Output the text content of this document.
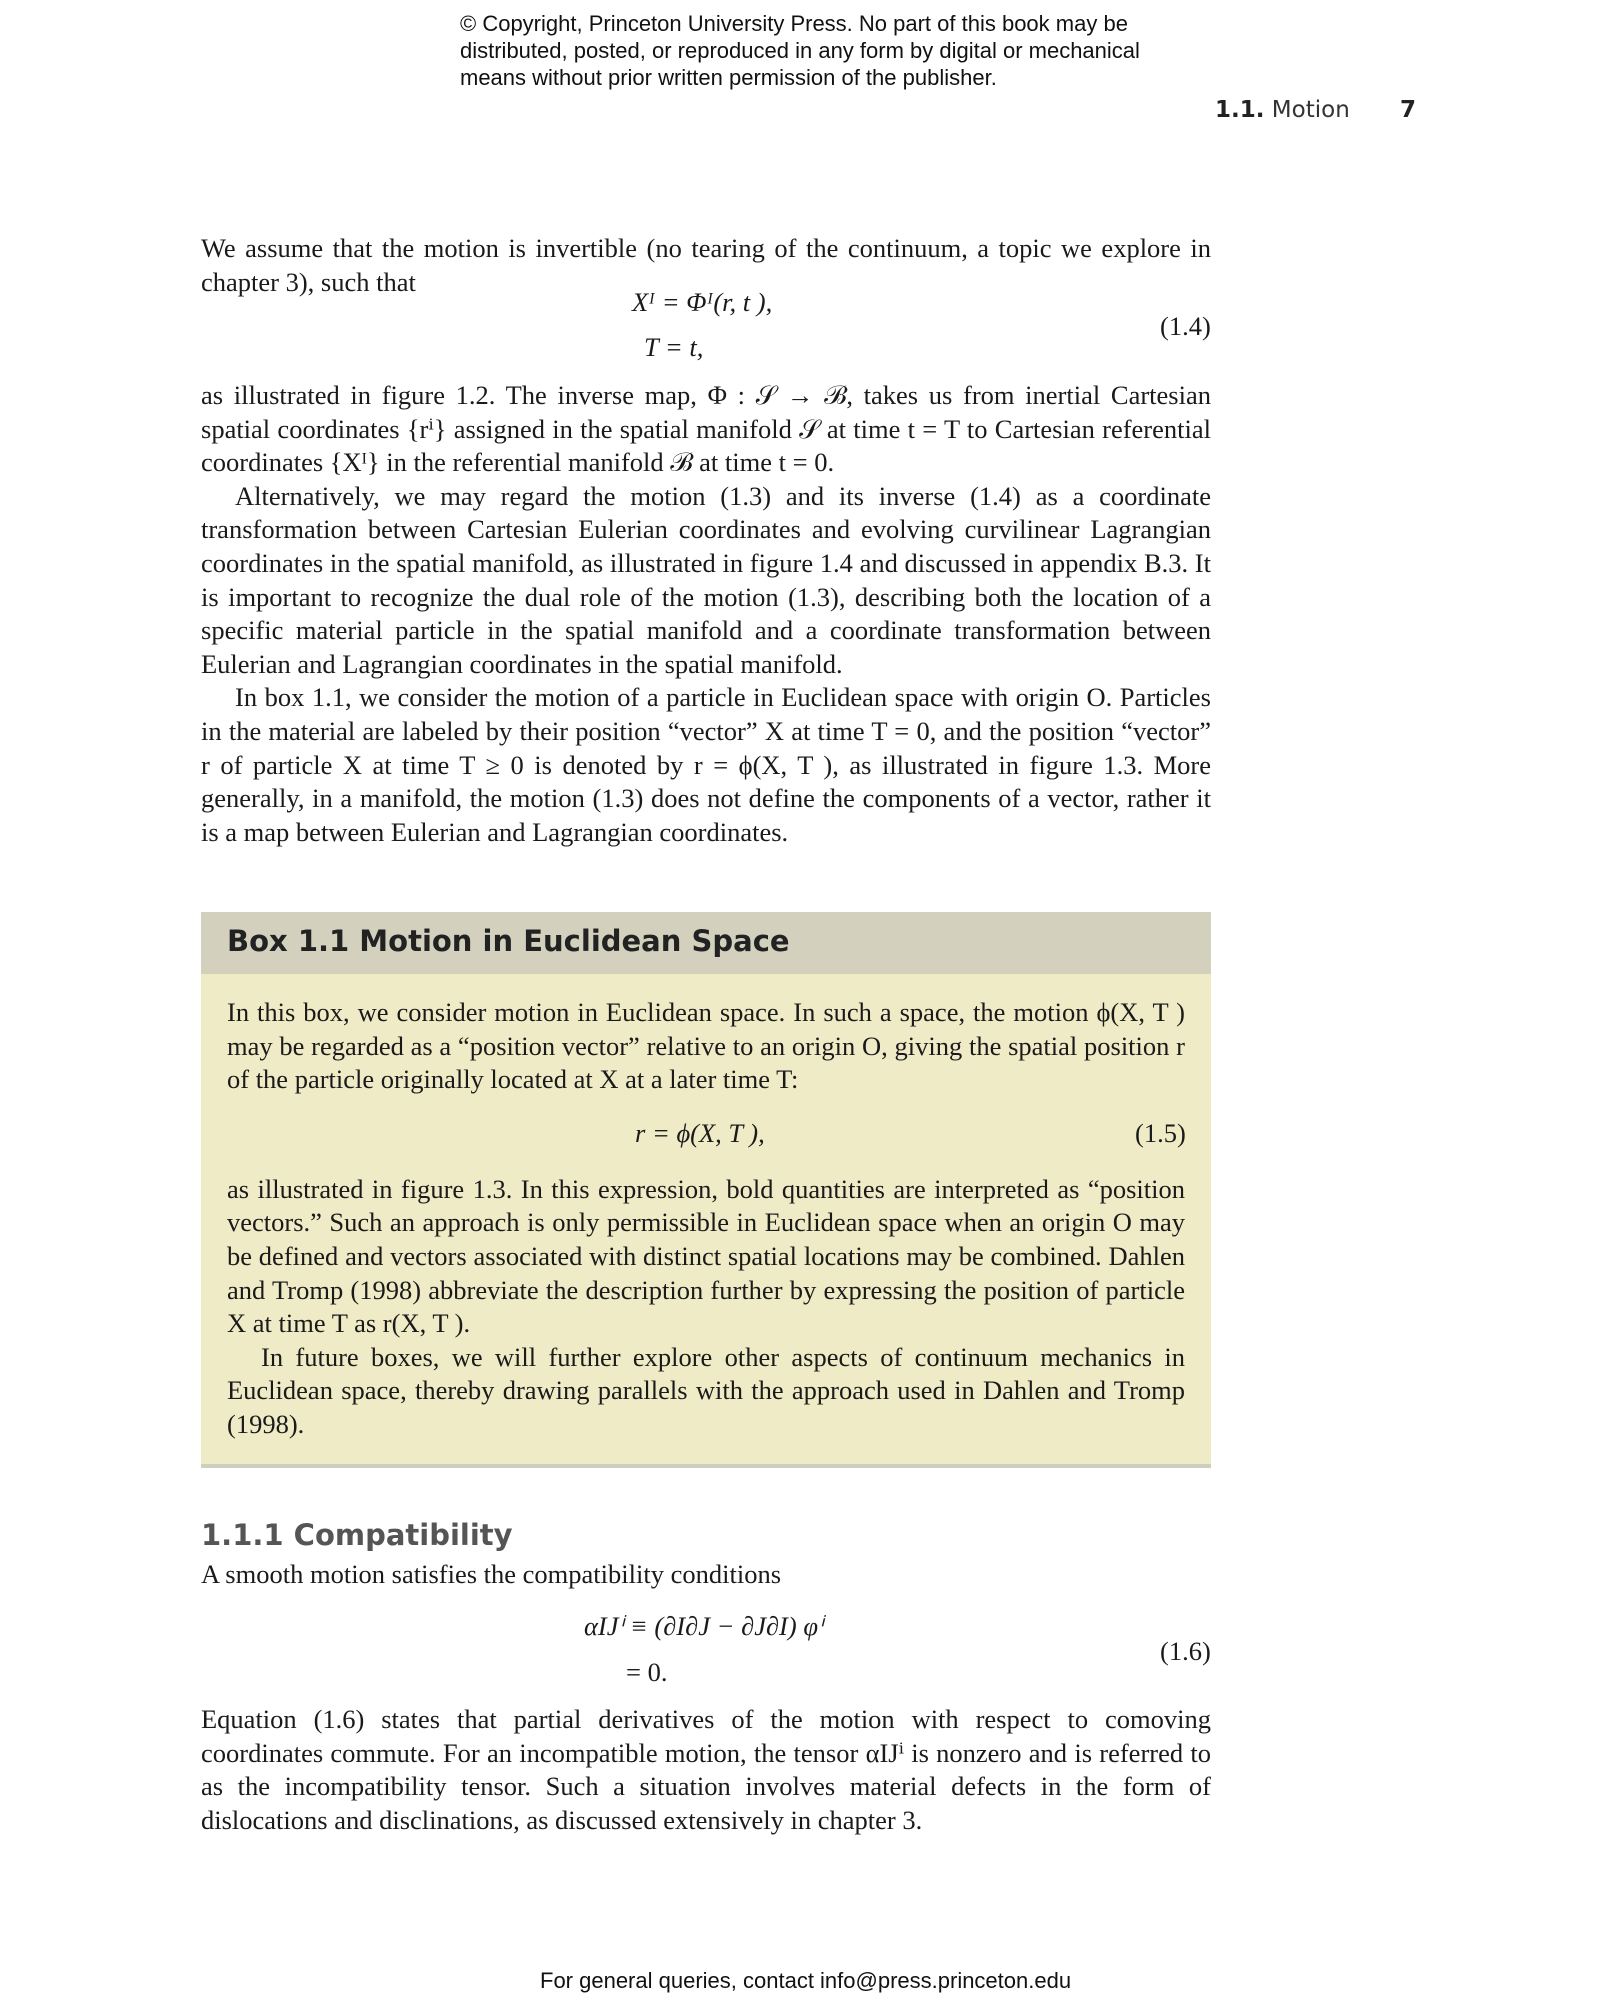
© Copyright, Princeton University Press. No part of this book may be distributed, posted, or reproduced in any form by digital or mechanical means without prior written permission of the publisher.
1.1. Motion 7

We assume that the motion is invertible (no tearing of the continuum, a topic we explore in chapter 3), such that

Xᴵ = Φᴵ(r, t ),
T = t,
(1.4)

as illustrated in figure 1.2. The inverse map, Φ : 𝒮 → ℬ, takes us from inertial Cartesian spatial coordinates {rⁱ} assigned in the spatial manifold 𝒮 at time t = T to Cartesian referential coordinates {Xᴵ} in the referential manifold ℬ at time t = 0.

Alternatively, we may regard the motion (1.3) and its inverse (1.4) as a coordinate transformation between Cartesian Eulerian coordinates and evolving curvilinear Lagrangian coordinates in the spatial manifold, as illustrated in figure 1.4 and discussed in appendix B.3. It is important to recognize the dual role of the motion (1.3), describing both the location of a specific material particle in the spatial manifold and a coordinate transformation between Eulerian and Lagrangian coordinates in the spatial manifold.

In box 1.1, we consider the motion of a particle in Euclidean space with origin O. Particles in the material are labeled by their position “vector” X at time T = 0, and the position “vector” r of particle X at time T ≥ 0 is denoted by r = ϕ(X, T ), as illustrated in figure 1.3. More generally, in a manifold, the motion (1.3) does not define the components of a vector, rather it is a map between Eulerian and Lagrangian coordinates.

Box 1.1 Motion in Euclidean Space

In this box, we consider motion in Euclidean space. In such a space, the motion ϕ(X, T ) may be regarded as a “position vector” relative to an origin O, giving the spatial position r of the particle originally located at X at a later time T:

r = ϕ(X, T ),	(1.5)

as illustrated in figure 1.3. In this expression, bold quantities are interpreted as “position vectors.” Such an approach is only permissible in Euclidean space when an origin O may be defined and vectors associated with distinct spatial locations may be combined. Dahlen and Tromp (1998) abbreviate the description further by expressing the position of particle X at time T as r(X, T ).

In future boxes, we will further explore other aspects of continuum mechanics in Euclidean space, thereby drawing parallels with the approach used in Dahlen and Tromp (1998).

1.1.1 Compatibility

A smooth motion satisfies the compatibility conditions

αIJⁱ ≡ (∂I∂J − ∂J∂I) φⁱ
= 0.
(1.6)

Equation (1.6) states that partial derivatives of the motion with respect to comoving coordinates commute. For an incompatible motion, the tensor αIJⁱ is nonzero and is referred to as the incompatibility tensor. Such a situation involves material defects in the form of dislocations and disclinations, as discussed extensively in chapter 3.

For general queries, contact info@press.princeton.edu
